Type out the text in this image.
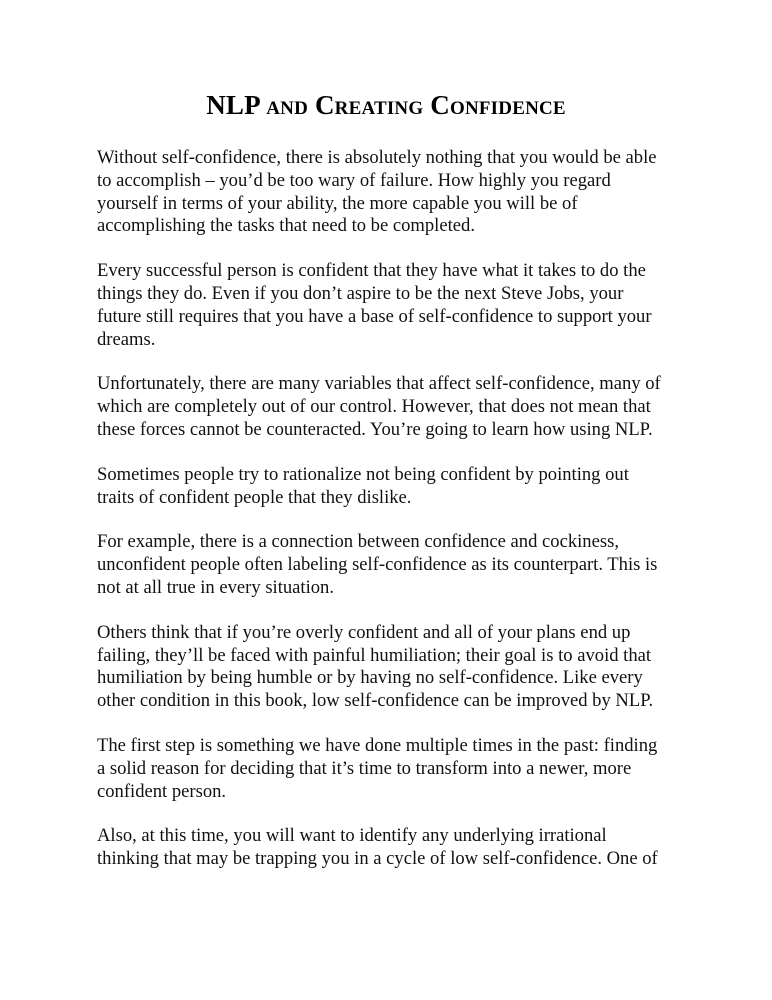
NLP and Creating Confidence

Without self-confidence, there is absolutely nothing that you would be able
to accomplish – you’d be too wary of failure. How highly you regard
yourself in terms of your ability, the more capable you will be of
accomplishing the tasks that need to be completed.

Every successful person is confident that they have what it takes to do the
things they do. Even if you don’t aspire to be the next Steve Jobs, your
future still requires that you have a base of self-confidence to support your
dreams.

Unfortunately, there are many variables that affect self-confidence, many of
which are completely out of our control. However, that does not mean that
these forces cannot be counteracted. You’re going to learn how using NLP.

Sometimes people try to rationalize not being confident by pointing out
traits of confident people that they dislike.

For example, there is a connection between confidence and cockiness,
unconfident people often labeling self-confidence as its counterpart. This is
not at all true in every situation.

Others think that if you’re overly confident and all of your plans end up
failing, they’ll be faced with painful humiliation; their goal is to avoid that
humiliation by being humble or by having no self-confidence. Like every
other condition in this book, low self-confidence can be improved by NLP.

The first step is something we have done multiple times in the past: finding
a solid reason for deciding that it’s time to transform into a newer, more
confident person.

Also, at this time, you will want to identify any underlying irrational
thinking that may be trapping you in a cycle of low self-confidence. One of
